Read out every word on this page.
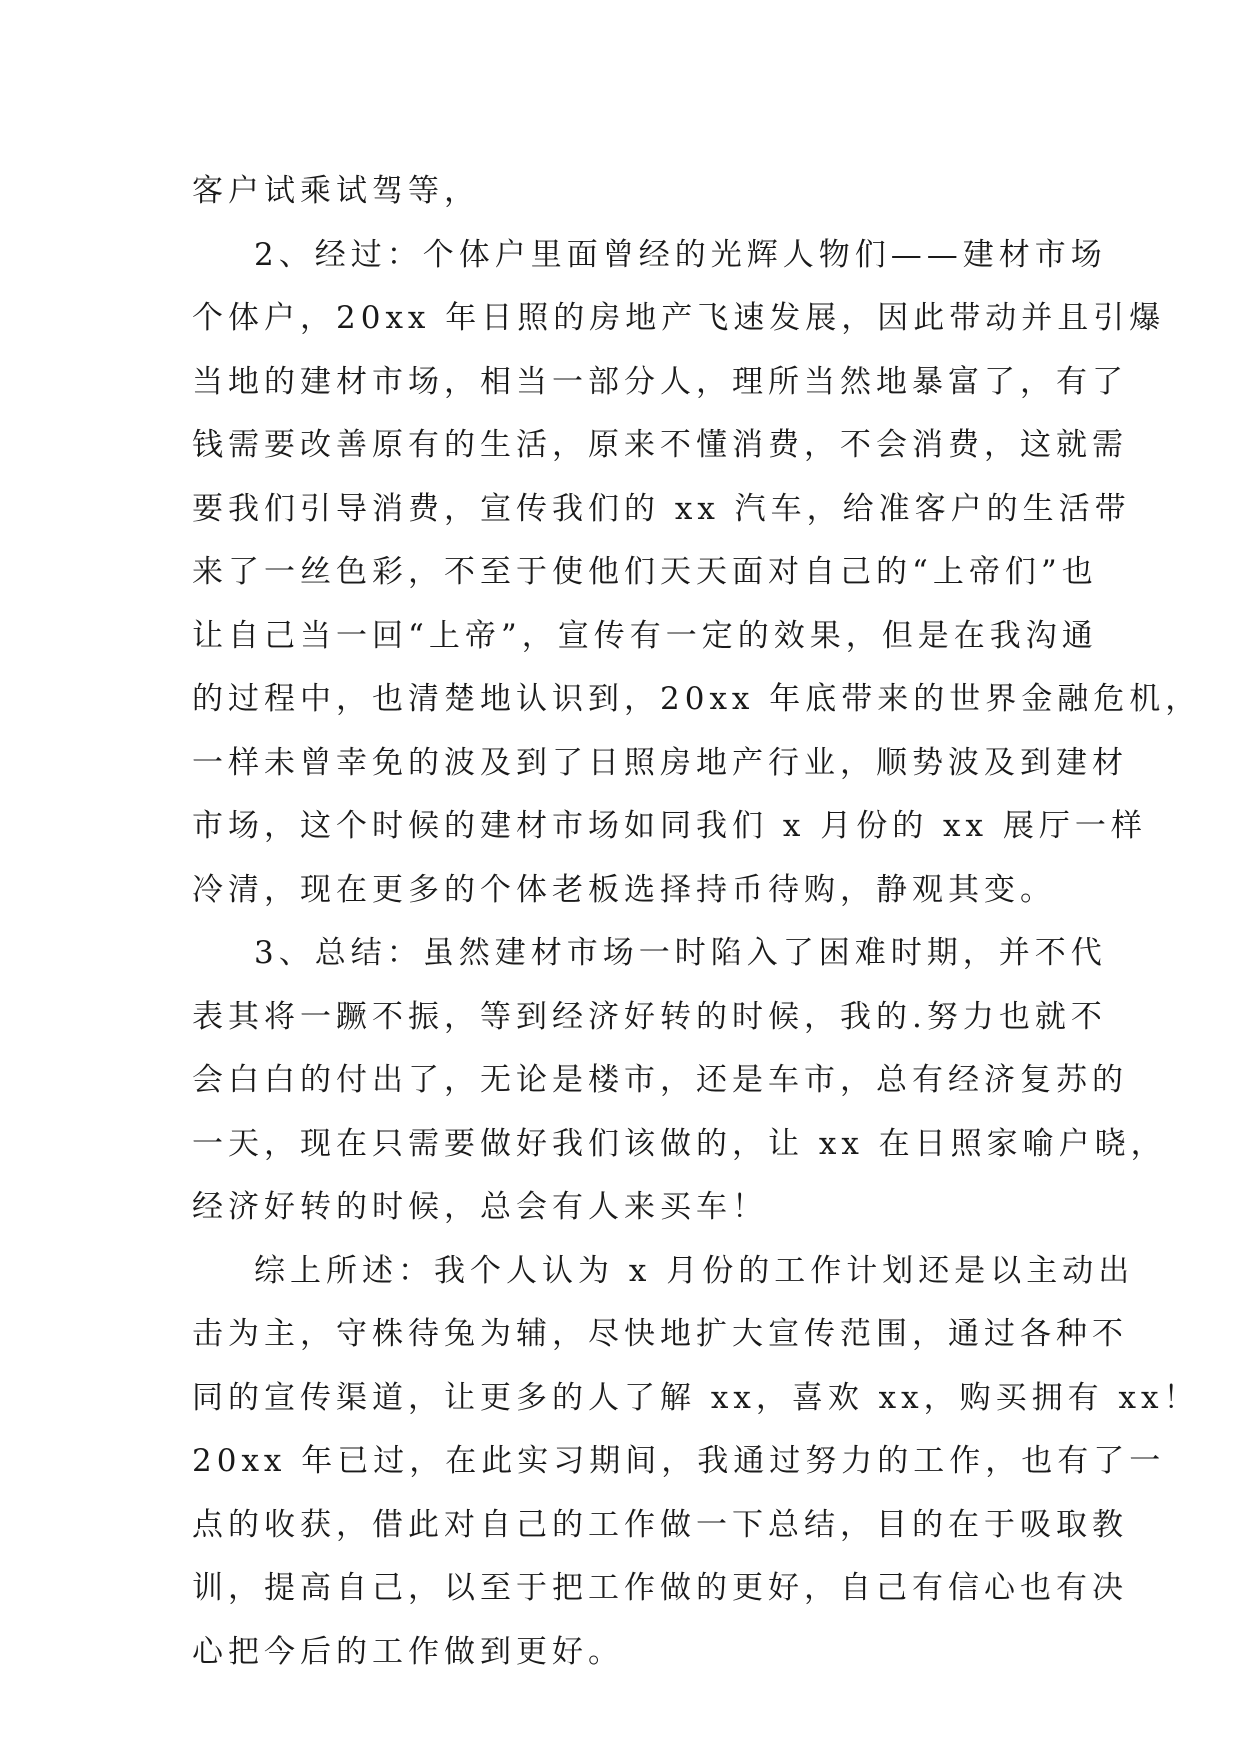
客户试乘试驾等，
2、经过：个体户里面曾经的光辉人物们——建材市场
个体户，20xx 年日照的房地产飞速发展，因此带动并且引爆
当地的建材市场，相当一部分人，理所当然地暴富了，有了
钱需要改善原有的生活，原来不懂消费，不会消费，这就需
要我们引导消费，宣传我们的 xx 汽车，给准客户的生活带
来了一丝色彩，不至于使他们天天面对自己的“上帝们”也
让自己当一回“上帝”，宣传有一定的效果，但是在我沟通
的过程中，也清楚地认识到，20xx 年底带来的世界金融危机，
一样未曾幸免的波及到了日照房地产行业，顺势波及到建材
市场，这个时候的建材市场如同我们 x 月份的 xx 展厅一样
冷清，现在更多的个体老板选择持币待购，静观其变。
3、总结：虽然建材市场一时陷入了困难时期，并不代
表其将一蹶不振，等到经济好转的时候，我的.努力也就不
会白白的付出了，无论是楼市，还是车市，总有经济复苏的
一天，现在只需要做好我们该做的，让 xx 在日照家喻户晓，
经济好转的时候，总会有人来买车！
综上所述：我个人认为 x 月份的工作计划还是以主动出
击为主，守株待兔为辅，尽快地扩大宣传范围，通过各种不
同的宣传渠道，让更多的人了解 xx，喜欢 xx，购买拥有 xx！
20xx 年已过，在此实习期间，我通过努力的工作，也有了一
点的收获，借此对自己的工作做一下总结，目的在于吸取教
训，提高自己，以至于把工作做的更好，自己有信心也有决
心把今后的工作做到更好。
